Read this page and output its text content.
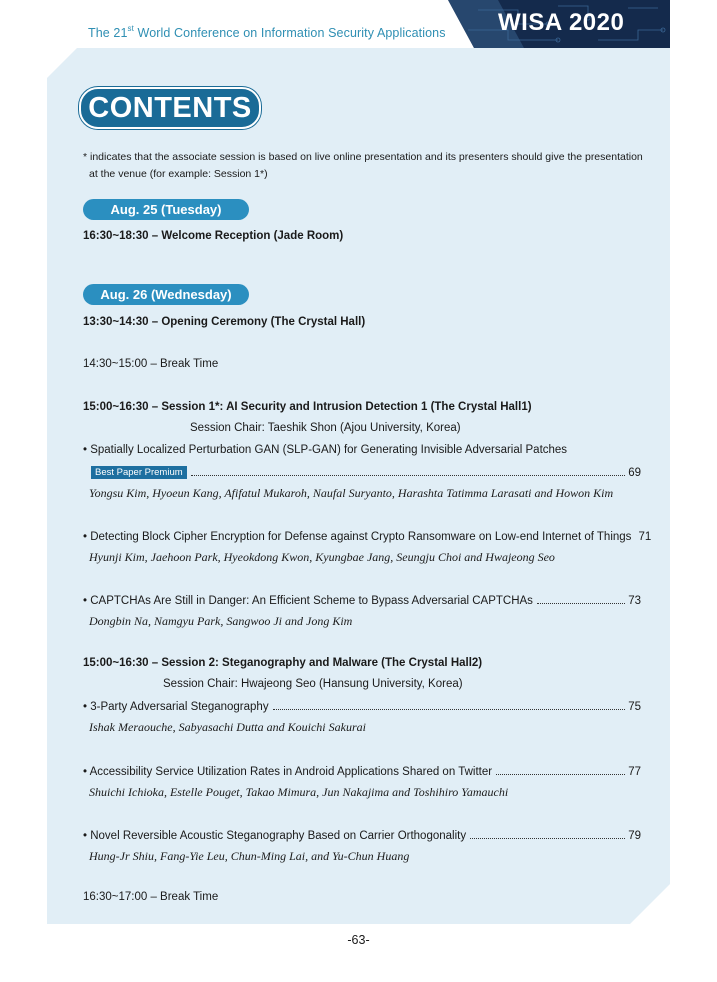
The 21st World Conference on Information Security Applications WISA 2020
CONTENTS
* indicates that the associate session is based on live online presentation and its presenters should give the presentation
at the venue (for example: Session 1*)
Aug. 25 (Tuesday)
16:30~18:30 – Welcome Reception (Jade Room)
Aug. 26 (Wednesday)
13:30~14:30 – Opening Ceremony (The Crystal Hall)
14:30~15:00 – Break Time
15:00~16:30 – Session 1*: AI Security and Intrusion Detection 1 (The Crystal Hall1)
Session Chair: Taeshik Shon (Ajou University, Korea)
• Spatially Localized Perturbation GAN (SLP-GAN) for Generating Invisible Adversarial Patches
Best Paper Premium	69
Yongsu Kim, Hyoeun Kang, Afifatul Mukaroh, Naufal Suryanto, Harashta Tatimma Larasati and Howon Kim
• Detecting Block Cipher Encryption for Defense against Crypto Ransomware on Low-end Internet of Things 71
Hyunji Kim, Jaehoon Park, Hyeokdong Kwon, Kyungbae Jang, Seungju Choi and Hwajeong Seo
• CAPTCHAs Are Still in Danger: An Efficient Scheme to Bypass Adversarial CAPTCHAs	73
Dongbin Na, Namgyu Park, Sangwoo Ji and Jong Kim
15:00~16:30 – Session 2: Steganography and Malware (The Crystal Hall2)
Session Chair: Hwajeong Seo (Hansung University, Korea)
• 3-Party Adversarial Steganography	75
Ishak Meraouche, Sabyasachi Dutta and Kouichi Sakurai
• Accessibility Service Utilization Rates in Android Applications Shared on Twitter	77
Shuichi Ichioka, Estelle Pouget, Takao Mimura, Jun Nakajima and Toshihiro Yamauchi
• Novel Reversible Acoustic Steganography Based on Carrier Orthogonality	79
Hung-Jr Shiu, Fang-Yie Leu, Chun-Ming Lai, and Yu-Chun Huang
16:30~17:00 – Break Time
-63-
